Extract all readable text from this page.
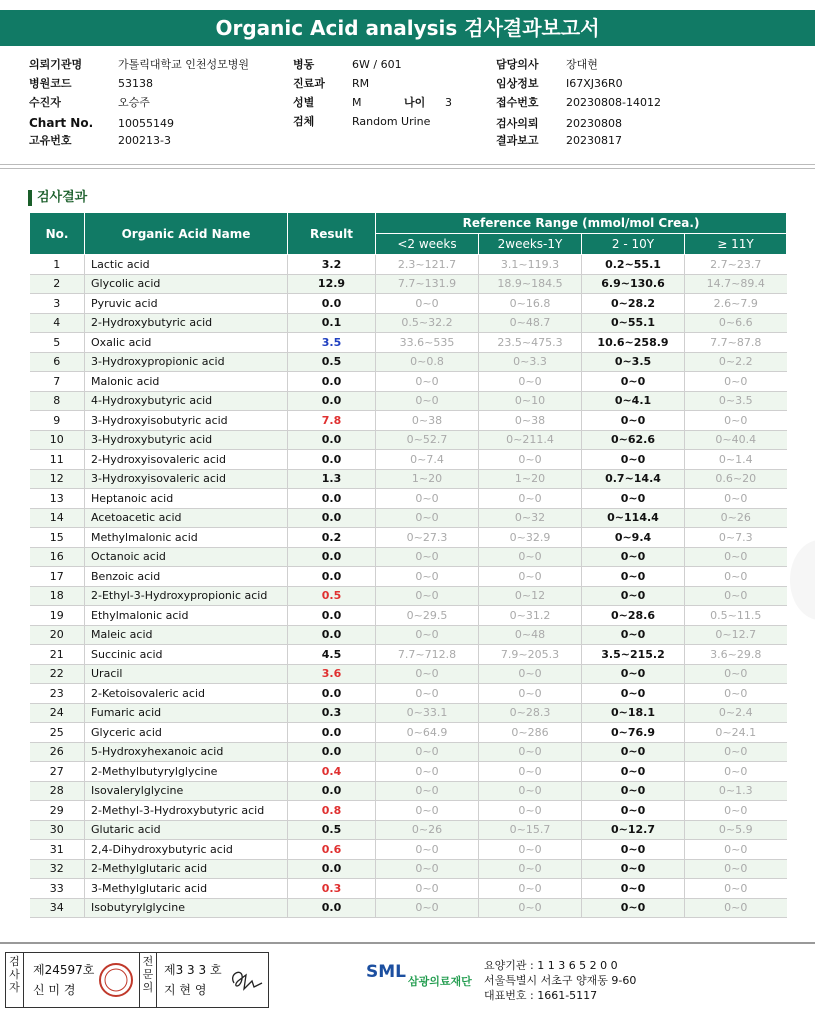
Organic Acid analysis 검사결과보고서
의뢰기관명	가톨릭대학교 인천성모병원
병원코드	53138
수진자	오승주
Chart No. 10055149
고유번호	200213-3
병동	6W / 601
진료과 RM
성별	M	나이 3
검체	Random Urine
담당의사 장대현
임상정보 I67XJ36R0
접수번호 20230808-14012
검사의뢰 20230808
결과보고 20230817
검사결과
No.	Organic Acid Name	Result	Reference Range (mmol/mol Crea.)			
			<2 weeks	2weeks-1Y	2 - 10Y	≥ 11Y
1	Lactic acid	3.2	2.3~121.7	3.1~119.3	0.2~55.1	2.7~23.7
2	Glycolic acid	12.9	7.7~131.9	18.9~184.5	6.9~130.6	14.7~89.4
3	Pyruvic acid	0.0	0~0	0~16.8	0~28.2	2.6~7.9
4	2-Hydroxybutyric acid	0.1	0.5~32.2	0~48.7	0~55.1	0~6.6
5	Oxalic acid	3.5	33.6~535	23.5~475.3	10.6~258.9	7.7~87.8
6	3-Hydroxypropionic acid	0.5	0~0.8	0~3.3	0~3.5	0~2.2
7	Malonic acid	0.0	0~0	0~0	0~0	0~0
8	4-Hydroxybutyric acid	0.0	0~0	0~10	0~4.1	0~3.5
9	3-Hydroxyisobutyric acid	7.8	0~38	0~38	0~0	0~0
10	3-Hydroxybutyric acid	0.0	0~52.7	0~211.4	0~62.6	0~40.4
11	2-Hydroxyisovaleric acid	0.0	0~7.4	0~0	0~0	0~1.4
12	3-Hydroxyisovaleric acid	1.3	1~20	1~20	0.7~14.4	0.6~20
13	Heptanoic acid	0.0	0~0	0~0	0~0	0~0
14	Acetoacetic acid	0.0	0~0	0~32	0~114.4	0~26
15	Methylmalonic acid	0.2	0~27.3	0~32.9	0~9.4	0~7.3
16	Octanoic acid	0.0	0~0	0~0	0~0	0~0
17	Benzoic acid	0.0	0~0	0~0	0~0	0~0
18	2-Ethyl-3-Hydroxypropionic acid	0.5	0~0	0~12	0~0	0~0
19	Ethylmalonic acid	0.0	0~29.5	0~31.2	0~28.6	0.5~11.5
20	Maleic acid	0.0	0~0	0~48	0~0	0~12.7
21	Succinic acid	4.5	7.7~712.8	7.9~205.3	3.5~215.2	3.6~29.8
22	Uracil	3.6	0~0	0~0	0~0	0~0
23	2-Ketoisovaleric acid	0.0	0~0	0~0	0~0	0~0
24	Fumaric acid	0.3	0~33.1	0~28.3	0~18.1	0~2.4
25	Glyceric acid	0.0	0~64.9	0~286	0~76.9	0~24.1
26	5-Hydroxyhexanoic acid	0.0	0~0	0~0	0~0	0~0
27	2-Methylbutyrylglycine	0.4	0~0	0~0	0~0	0~0
28	Isovalerylglycine	0.0	0~0	0~0	0~0	0~1.3
29	2-Methyl-3-Hydroxybutyric acid	0.8	0~0	0~0	0~0	0~0
30	Glutaric acid	0.5	0~26	0~15.7	0~12.7	0~5.9
31	2,4-Dihydroxybutyric acid	0.6	0~0	0~0	0~0	0~0
32	2-Methylglutaric acid	0.0	0~0	0~0	0~0	0~0
33	3-Methylglutaric acid	0.3	0~0	0~0	0~0	0~0
34	Isobutyrylglycine	0.0	0~0	0~0	0~0	0~0
검사자
제24597호
신 미 경
전문의
제3 3 3 호
지 현 영
SML 삼광의료재단
요양기관 : 1 1 3 6 5 2 0 0
서울특별시 서초구 양재동 9-60
대표번호 : 1661-5117
